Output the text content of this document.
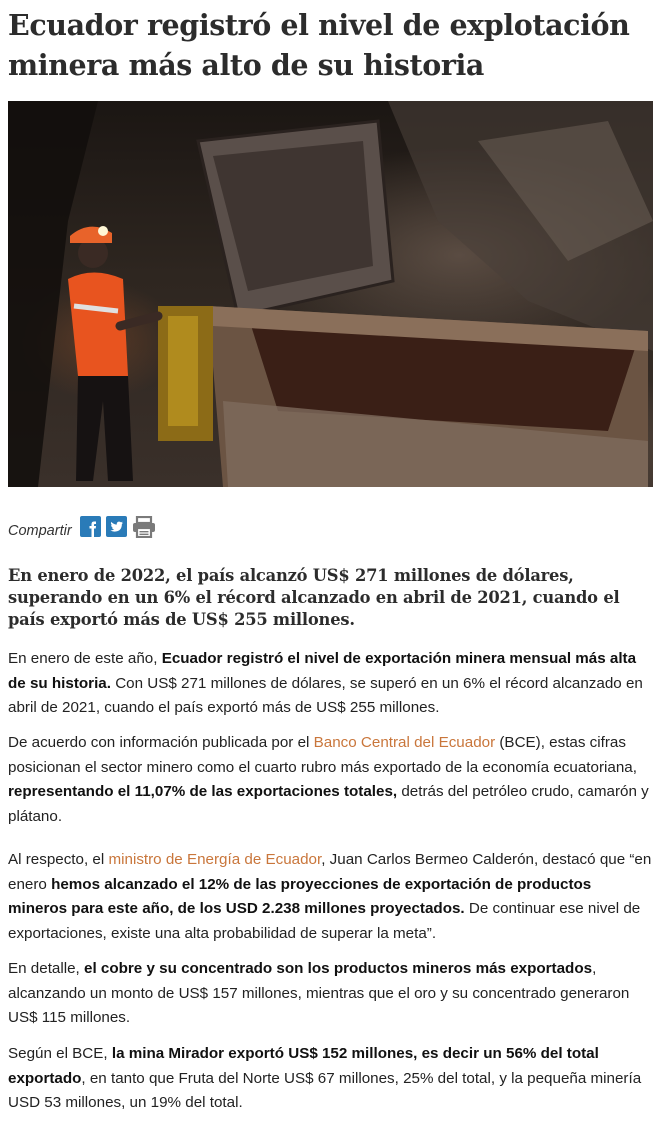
Ecuador registró el nivel de explotación minera más alto de su historia
Compartir

En enero de 2022, el país alcanzó US$ 271 millones de dólares, superando en un 6% el récord alcanzado en abril de 2021, cuando el país exportó más de US$ 255 millones.

En enero de este año, Ecuador registró el nivel de exportación minera mensual más alta de su historia. Con US$ 271 millones de dólares, se superó en un 6% el récord alcanzado en abril de 2021, cuando el país exportó más de US$ 255 millones.

De acuerdo con información publicada por el Banco Central del Ecuador (BCE), estas cifras posicionan el sector minero como el cuarto rubro más exportado de la economía ecuatoriana, representando el 11,07% de las exportaciones totales, detrás del petróleo crudo, camarón y plátano.

Al respecto, el ministro de Energía de Ecuador, Juan Carlos Bermeo Calderón, destacó que “en enero hemos alcanzado el 12% de las proyecciones de exportación de productos mineros para este año, de los USD 2.238 millones proyectados. De continuar ese nivel de exportaciones, existe una alta probabilidad de superar la meta”.

En detalle, el cobre y su concentrado son los productos mineros más exportados, alcanzando un monto de US$ 157 millones, mientras que el oro y su concentrado generaron US$ 115 millones.

Según el BCE, la mina Mirador exportó US$ 152 millones, es decir un 56% del total exportado, en tanto que Fruta del Norte US$ 67 millones, 25% del total, y la pequeña minería USD 53 millones, un 19% del total.
